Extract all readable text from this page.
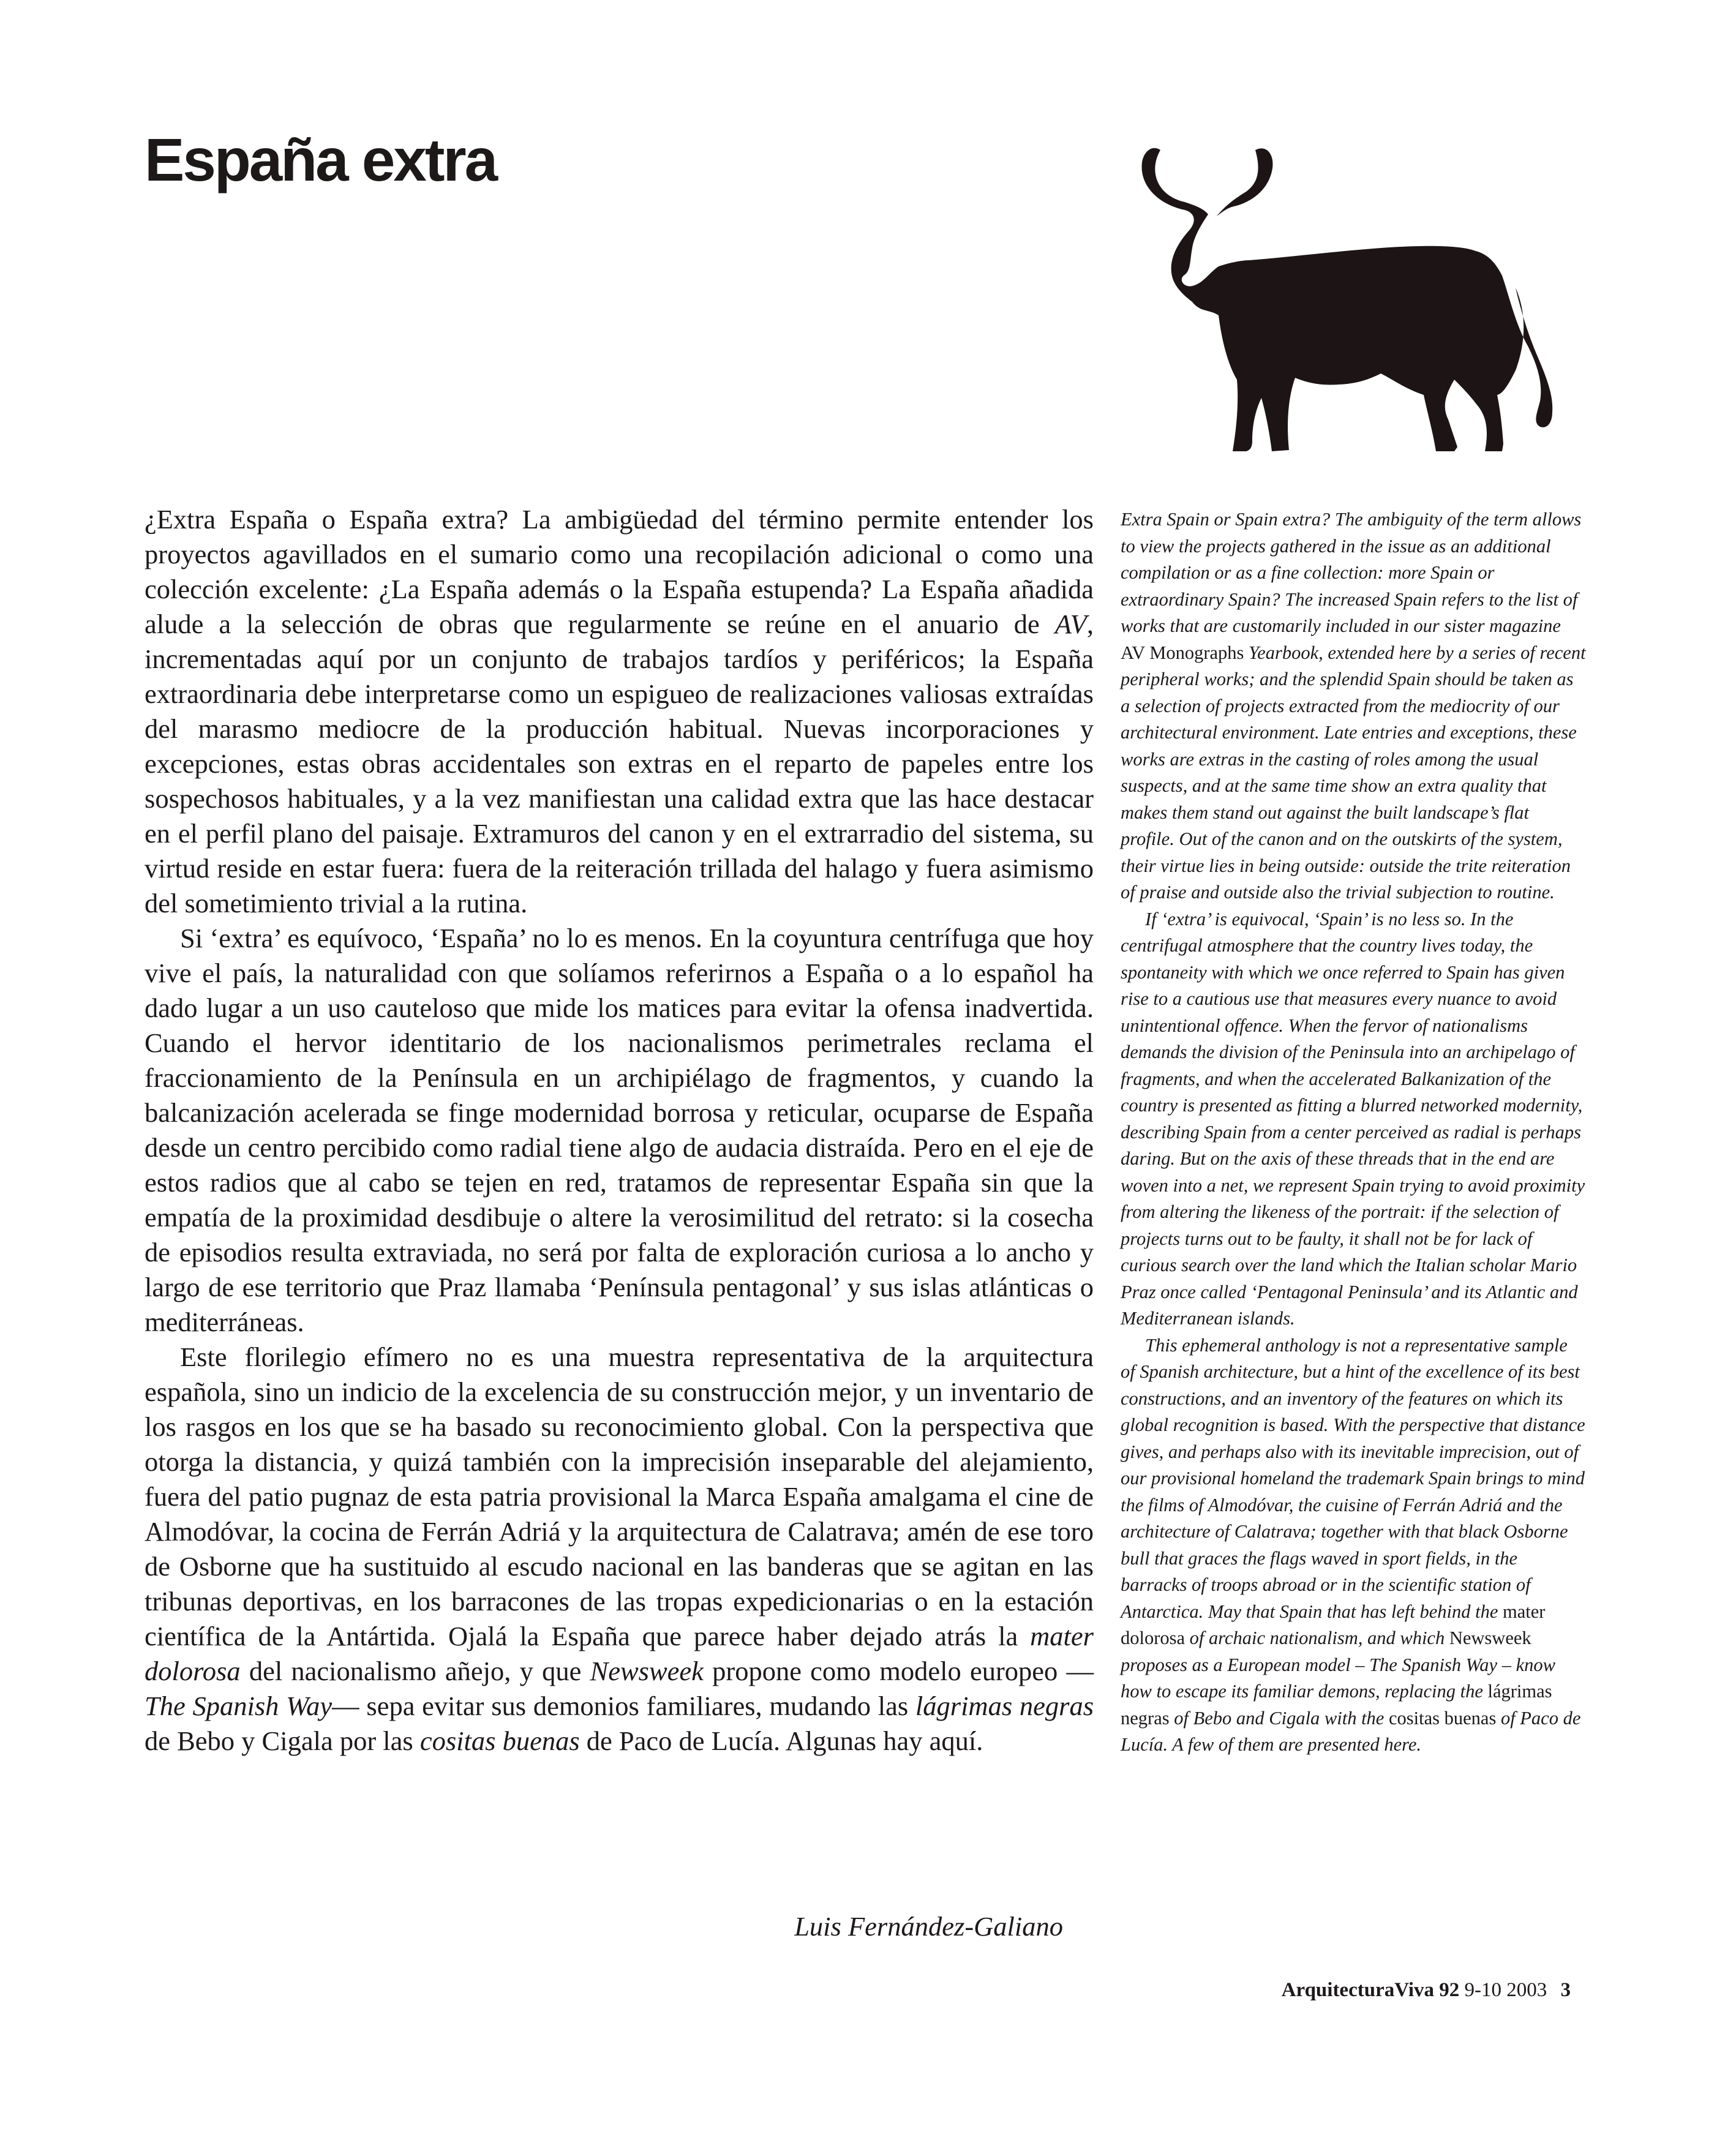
España extra

¿Extra España o España extra? La ambigüedad del término permite entender los proyectos agavillados en el sumario como una recopilación adicional o como una colección excelente: ¿La España además o la España estupenda? La España añadida alude a la selección de obras que regularmente se reúne en el anuario de AV, incrementadas aquí por un conjunto de trabajos tardíos y periféricos; la España extraordinaria debe interpretarse como un espigueo de realizaciones valiosas extraídas del marasmo mediocre de la producción habitual. Nuevas incorporaciones y excepciones, estas obras accidentales son extras en el reparto de papeles entre los sospechosos habituales, y a la vez manifiestan una calidad extra que las hace destacar en el perfil plano del paisaje. Extramuros del canon y en el extrarradio del sistema, su virtud reside en estar fuera: fuera de la reiteración trillada del halago y fuera asimismo del sometimiento trivial a la rutina.

Si ‘extra’ es equívoco, ‘España’ no lo es menos. En la coyuntura centrífuga que hoy vive el país, la naturalidad con que solíamos referirnos a España o a lo español ha dado lugar a un uso cauteloso que mide los matices para evitar la ofensa inadvertida. Cuando el hervor identitario de los nacionalismos perimetrales reclama el fraccionamiento de la Península en un archipiélago de fragmentos, y cuando la balcanización acelerada se finge modernidad borrosa y reticular, ocuparse de España desde un centro percibido como radial tiene algo de audacia distraída. Pero en el eje de estos radios que al cabo se tejen en red, tratamos de representar España sin que la empatía de la proximidad desdibuje o altere la verosimilitud del retrato: si la cosecha de episodios resulta extraviada, no será por falta de exploración curiosa a lo ancho y largo de ese territorio que Praz llamaba ‘Península pentagonal’ y sus islas atlánticas o mediterráneas.

Este florilegio efímero no es una muestra representativa de la arquitectura española, sino un indicio de la excelencia de su construcción mejor, y un inventario de los rasgos en los que se ha basado su reconocimiento global. Con la perspectiva que otorga la distancia, y quizá también con la imprecisión inseparable del alejamiento, fuera del patio pugnaz de esta patria provisional la Marca España amalgama el cine de Almodóvar, la cocina de Ferrán Adriá y la arquitectura de Calatrava; amén de ese toro de Osborne que ha sustituido al escudo nacional en las banderas que se agitan en las tribunas deportivas, en los barracones de las tropas expedicionarias o en la estación científica de la Antártida. Ojalá la España que parece haber dejado atrás la mater dolorosa del nacionalismo añejo, y que Newsweek propone como modelo europeo —The Spanish Way— sepa evitar sus demonios familiares, mudando las lágrimas negras de Bebo y Cigala por las cositas buenas de Paco de Lucía. Algunas hay aquí.

Luis Fernández-Galiano

Extra Spain or Spain extra? The ambiguity of the term allows to view the projects gathered in the issue as an additional compilation or as a fine collection: more Spain or extraordinary Spain? The increased Spain refers to the list of works that are customarily included in our sister magazine AV Monographs Yearbook, extended here by a series of recent peripheral works; and the splendid Spain should be taken as a selection of projects extracted from the mediocrity of our architectural environment. Late entries and exceptions, these works are extras in the casting of roles among the usual suspects, and at the same time show an extra quality that makes them stand out against the built landscape’s flat profile. Out of the canon and on the outskirts of the system, their virtue lies in being outside: outside the trite reiteration of praise and outside also the trivial subjection to routine.

If ‘extra’ is equivocal, ‘Spain’ is no less so. In the centrifugal atmosphere that the country lives today, the spontaneity with which we once referred to Spain has given rise to a cautious use that measures every nuance to avoid unintentional offence. When the fervor of nationalisms demands the division of the Peninsula into an archipelago of fragments, and when the accelerated Balkanization of the country is presented as fitting a blurred networked modernity, describing Spain from a center perceived as radial is perhaps daring. But on the axis of these threads that in the end are woven into a net, we represent Spain trying to avoid proximity from altering the likeness of the portrait: if the selection of projects turns out to be faulty, it shall not be for lack of curious search over the land which the Italian scholar Mario Praz once called ‘Pentagonal Peninsula’ and its Atlantic and Mediterranean islands.

This ephemeral anthology is not a representative sample of Spanish architecture, but a hint of the excellence of its best constructions, and an inventory of the features on which its global recognition is based. With the perspective that distance gives, and perhaps also with its inevitable imprecision, out of our provisional homeland the trademark Spain brings to mind the films of Almodóvar, the cuisine of Ferrán Adriá and the architecture of Calatrava; together with that black Osborne bull that graces the flags waved in sport fields, in the barracks of troops abroad or in the scientific station of Antarctica. May that Spain that has left behind the mater dolorosa of archaic nationalism, and which Newsweek proposes as a European model – The Spanish Way – know how to escape its familiar demons, replacing the lágrimas negras of Bebo and Cigala with the cositas buenas of Paco de Lucía. A few of them are presented here.

ArquitecturaViva 92 9-10 2003 3
